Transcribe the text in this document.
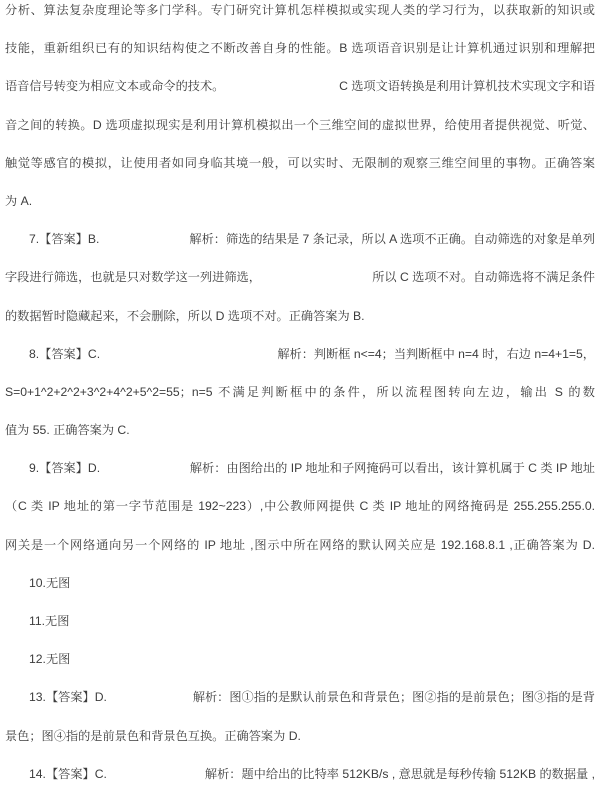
分析、算法复杂度理论等多门学科。专门研究计算机怎样模拟或实现人类的学习行为，以获取新的知识或
技能，重新组织已有的知识结构使之不断改善自身的性能。B 选项语音识别是让计算机通过识别和理解把
语音信号转变为相应文本或命令的技术。	C 选项文语转换是利用计算机技术实现文字和语
音之间的转换。D 选项虚拟现实是利用计算机模拟出一个三维空间的虚拟世界，给使用者提供视觉、听觉、
触觉等感官的模拟，让使用者如同身临其境一般，可以实时、无限制的观察三维空间里的事物。正确答案
为 A.
7.【答案】B.	解析：筛选的结果是 7 条记录，所以 A 选项不正确。自动筛选的对象是单列
字段进行筛选，也就是只对数学这一列进筛选，	所以 C 选项不对。自动筛选将不满足条件
的数据暂时隐藏起来，不会删除，所以 D 选项不对。正确答案为 B.
8.【答案】C.	解析：判断框 n<=4；当判断框中 n=4 时，右边 n=4+1=5，
S=0+1^2+2^2+3^2+4^2+5^2=55；n=5 不满足判断框中的条件，所以流程图转向左边，输出 S 的数
值为 55. 正确答案为 C.
9.【答案】D.	解析：由图给出的 IP 地址和子网掩码可以看出，该计算机属于 C 类 IP 地址
（C 类 IP 地址的第一字节范围是 192~223）,中公教师网提供 C 类 IP 地址的网络掩码是 255.255.255.0.
网关是一个网络通向另一个网络的 IP 地址 ,图示中所在网络的默认网关应是 192.168.8.1 ,正确答案为 D.
10.无图
11.无图
12.无图
13.【答案】D.	解析：图①指的是默认前景色和背景色；图②指的是前景色；图③指的是背
景色；图④指的是前景色和背景色互换。正确答案为 D.
14.【答案】C.	解析：题中给出的比特率 512KB/s , 意思就是每秒传输 512KB 的数据量 ,
